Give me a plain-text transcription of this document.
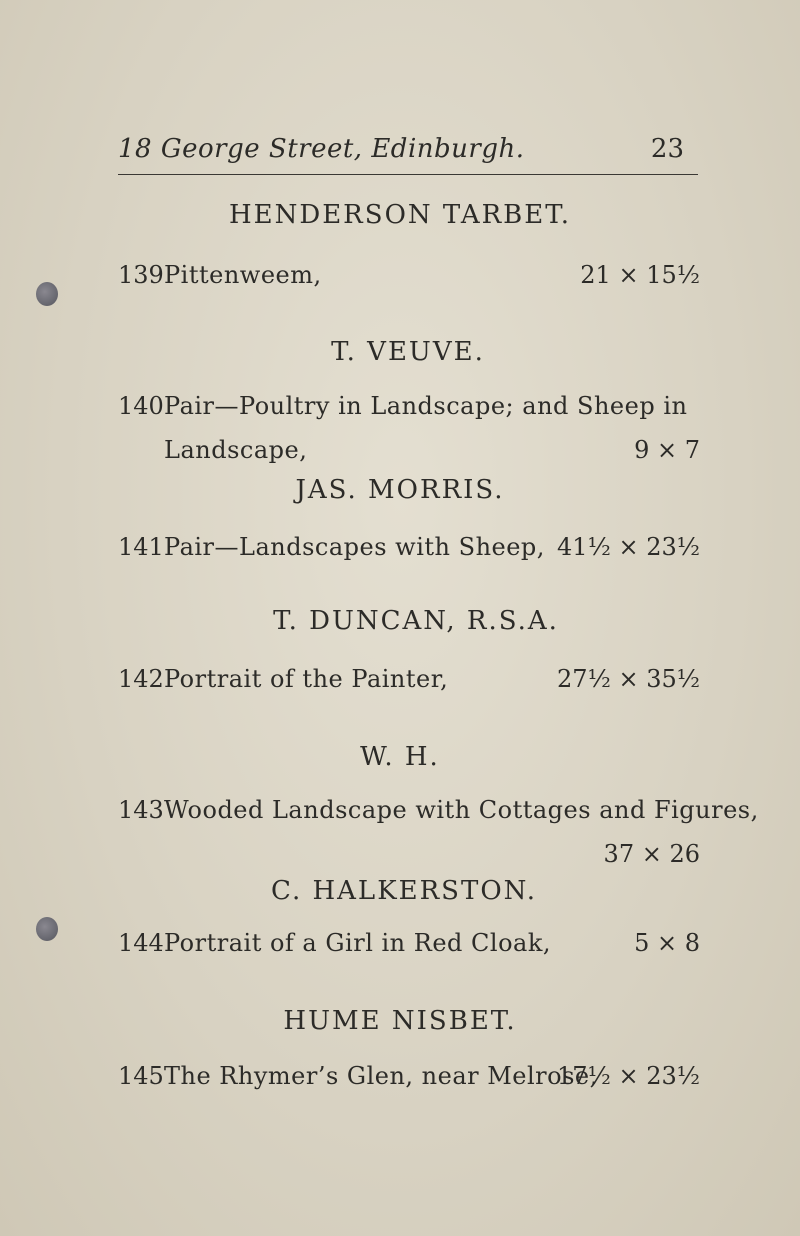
18 George Street, Edinburgh.	23
HENDERSON TARBET.
139 Pittenweem,	21 × 15½
T. VEUVE.
140 Pair—Poultry in Landscape; and Sheep in
Landscape,	9 × 7
JAS. MORRIS.
141 Pair—Landscapes with Sheep, 41½ × 23½
T. DUNCAN, R.S.A.
142 Portrait of the Painter,	27½ × 35½
W. H.
143 Wooded Landscape with Cottages and Figures,
37 × 26
C. HALKERSTON.
144 Portrait of a Girl in Red Cloak,	5 × 8
HUME NISBET.
145 The Rhymer’s Glen, near Melrose,
17½ × 23½
